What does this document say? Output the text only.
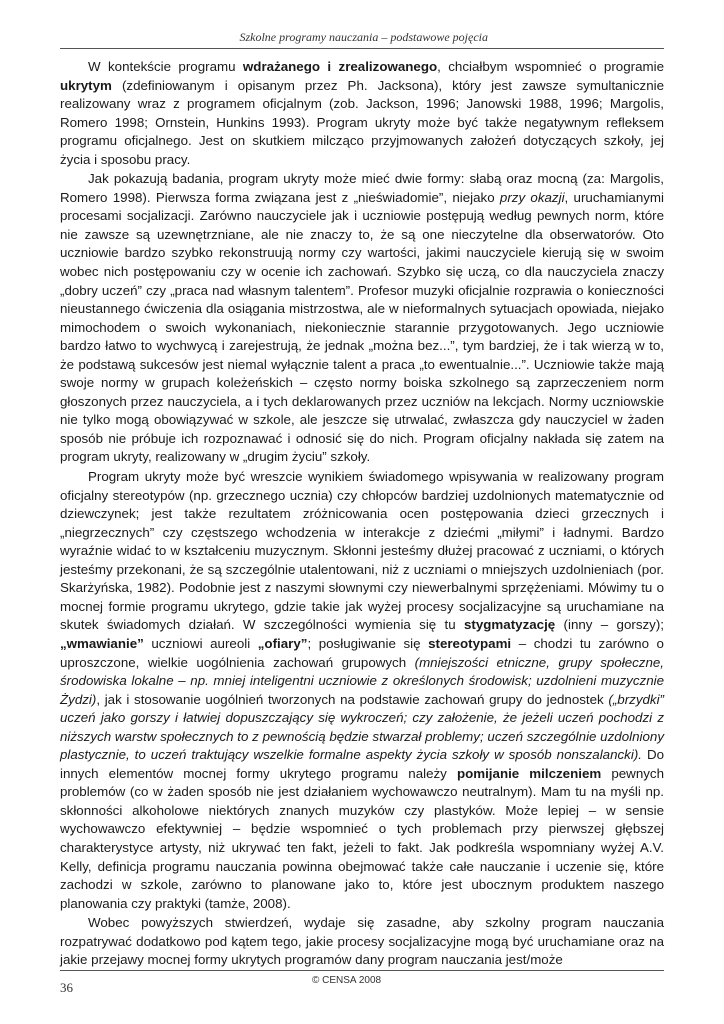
Szkolne programy nauczania – podstawowe pojęcia

W kontekście programu wdrażanego i zrealizowanego, chciałbym wspomnieć o programie ukrytym (zdefiniowanym i opisanym przez Ph. Jacksona), który jest zawsze symultanicznie realizowany wraz z programem oficjalnym (zob. Jackson, 1996; Janowski 1988, 1996; Margolis, Romero 1998; Ornstein, Hunkins 1993). Program ukryty może być także negatywnym refleksem programu oficjalnego. Jest on skutkiem milcząco przyjmowanych założeń dotyczących szkoły, jej życia i sposobu pracy.

Jak pokazują badania, program ukryty może mieć dwie formy: słabą oraz mocną (za: Margolis, Romero 1998). Pierwsza forma związana jest z „nieświadomie”, niejako przy okazji, uruchamianymi procesami socjalizacji. Zarówno nauczyciele jak i uczniowie postępują według pewnych norm, które nie zawsze są uzewnętrzniane, ale nie znaczy to, że są one nieczytelne dla obserwatorów. Oto uczniowie bardzo szybko rekonstruują normy czy wartości, jakimi nauczyciele kierują się w swoim wobec nich postępowaniu czy w ocenie ich zachowań. Szybko się uczą, co dla nauczyciela znaczy „dobry uczeń” czy „praca nad własnym talentem”. Profesor muzyki oficjalnie rozprawia o konieczności nieustannego ćwiczenia dla osiągania mistrzostwa, ale w nieformalnych sytuacjach opowiada, niejako mimochodem o swoich wykonaniach, niekoniecznie starannie przygotowanych. Jego uczniowie bardzo łatwo to wychwycą i zarejestrują, że jednak „można bez...”, tym bardziej, że i tak wierzą w to, że podstawą sukcesów jest niemal wyłącznie talent a praca „to ewentualnie...”. Uczniowie także mają swoje normy w grupach koleżeńskich – często normy boiska szkolnego są zaprzeczeniem norm głoszonych przez nauczyciela, a i tych deklarowanych przez uczniów na lekcjach. Normy uczniowskie nie tylko mogą obowiązywać w szkole, ale jeszcze się utrwalać, zwłaszcza gdy nauczyciel w żaden sposób nie próbuje ich rozpoznawać i odnosić się do nich. Program oficjalny nakłada się zatem na program ukryty, realizowany w „drugim życiu” szkoły.

Program ukryty może być wreszcie wynikiem świadomego wpisywania w realizowany program oficjalny stereotypów (np. grzecznego ucznia) czy chłopców bardziej uzdolnionych matematycznie od dziewczynek; jest także rezultatem zróżnicowania ocen postępowania dzieci grzecznych i „niegrzecznych” czy częstszego wchodzenia w interakcje z dziećmi „miłymi” i ładnymi. Bardzo wyraźnie widać to w kształceniu muzycznym. Skłonni jesteśmy dłużej pracować z uczniami, o których jesteśmy przekonani, że są szczególnie utalentowani, niż z uczniami o mniejszych uzdolnieniach (por. Skarżyńska, 1982). Podobnie jest z naszymi słownymi czy niewerbalnymi sprzężeniami. Mówimy tu o mocnej formie programu ukrytego, gdzie takie jak wyżej procesy socjalizacyjne są uruchamiane na skutek świadomych działań. W szczególności wymienia się tu stygmatyzację (inny – gorszy); „wmawianie” uczniowi aureoli „ofiary”; posługiwanie się stereotypami – chodzi tu zarówno o uproszczone, wielkie uogólnienia zachowań grupowych (mniejszości etniczne, grupy społeczne, środowiska lokalne – np. mniej inteligentni uczniowie z określonych środowisk; uzdolnieni muzycznie Żydzi), jak i stosowanie uogólnień tworzonych na podstawie zachowań grupy do jednostek („brzydki” uczeń jako gorszy i łatwiej dopuszczający się wykroczeń; czy założenie, że jeżeli uczeń pochodzi z niższych warstw społecznych to z pewnością będzie stwarzał problemy; uczeń szczególnie uzdolniony plastycznie, to uczeń traktujący wszelkie formalne aspekty życia szkoły w sposób nonszalancki). Do innych elementów mocnej formy ukrytego programu należy pomijanie milczeniem pewnych problemów (co w żaden sposób nie jest działaniem wychowawczo neutralnym). Mam tu na myśli np. skłonności alkoholowe niektórych znanych muzyków czy plastyków. Może lepiej – w sensie wychowawczo efektywniej – będzie wspomnieć o tych problemach przy pierwszej głębszej charakterystyce artysty, niż ukrywać ten fakt, jeżeli to fakt. Jak podkreśla wspomniany wyżej A.V. Kelly, definicja programu nauczania powinna obejmować także całe nauczanie i uczenie się, które zachodzi w szkole, zarówno to planowane jako to, które jest ubocznym produktem naszego planowania czy praktyki (tamże, 2008).

Wobec powyższych stwierdzeń, wydaje się zasadne, aby szkolny program nauczania rozpatrywać dodatkowo pod kątem tego, jakie procesy socjalizacyjne mogą być uruchamiane oraz na jakie przejawy mocnej formy ukrytych programów dany program nauczania jest/może

36	© CENSA 2008
